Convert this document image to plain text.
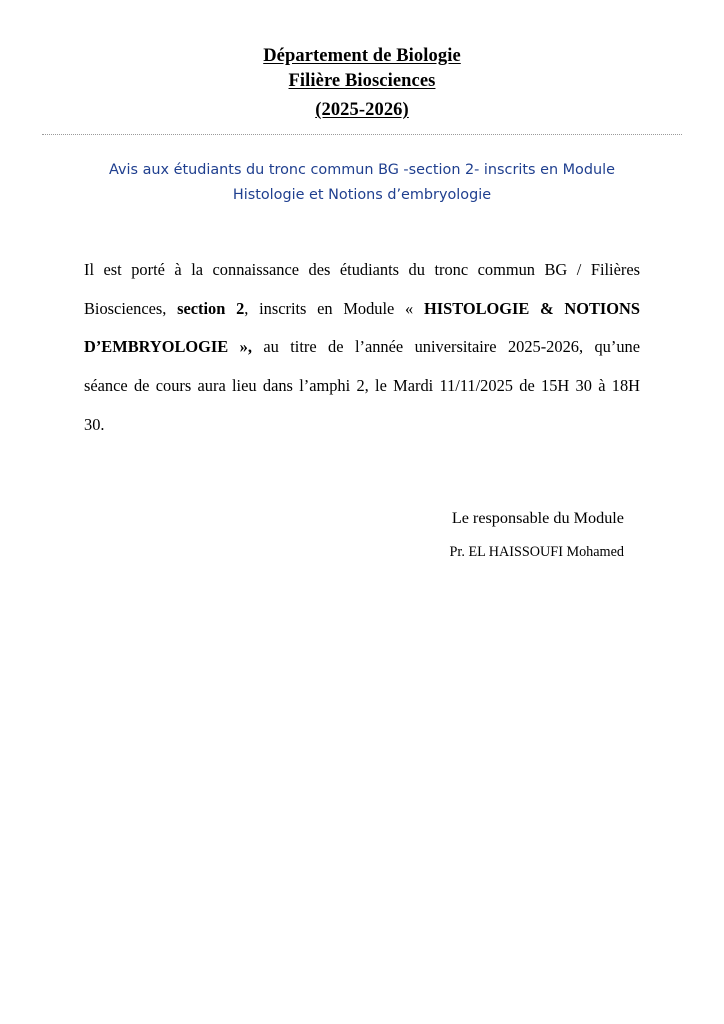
Département de Biologie
Filière Biosciences
(2025-2026)
Avis aux étudiants du tronc commun BG -section 2- inscrits en Module Histologie et Notions d’embryologie
Il est porté à la connaissance des étudiants du tronc commun BG / Filières Biosciences, section 2, inscrits en Module « HISTOLOGIE & NOTIONS D’EMBRYOLOGIE », au titre de l’année universitaire 2025-2026, qu’une séance de cours aura lieu dans l’amphi 2, le Mardi 11/11/2025 de 15H 30 à 18H 30.
Le responsable du Module
Pr. EL HAISSOUFI Mohamed
